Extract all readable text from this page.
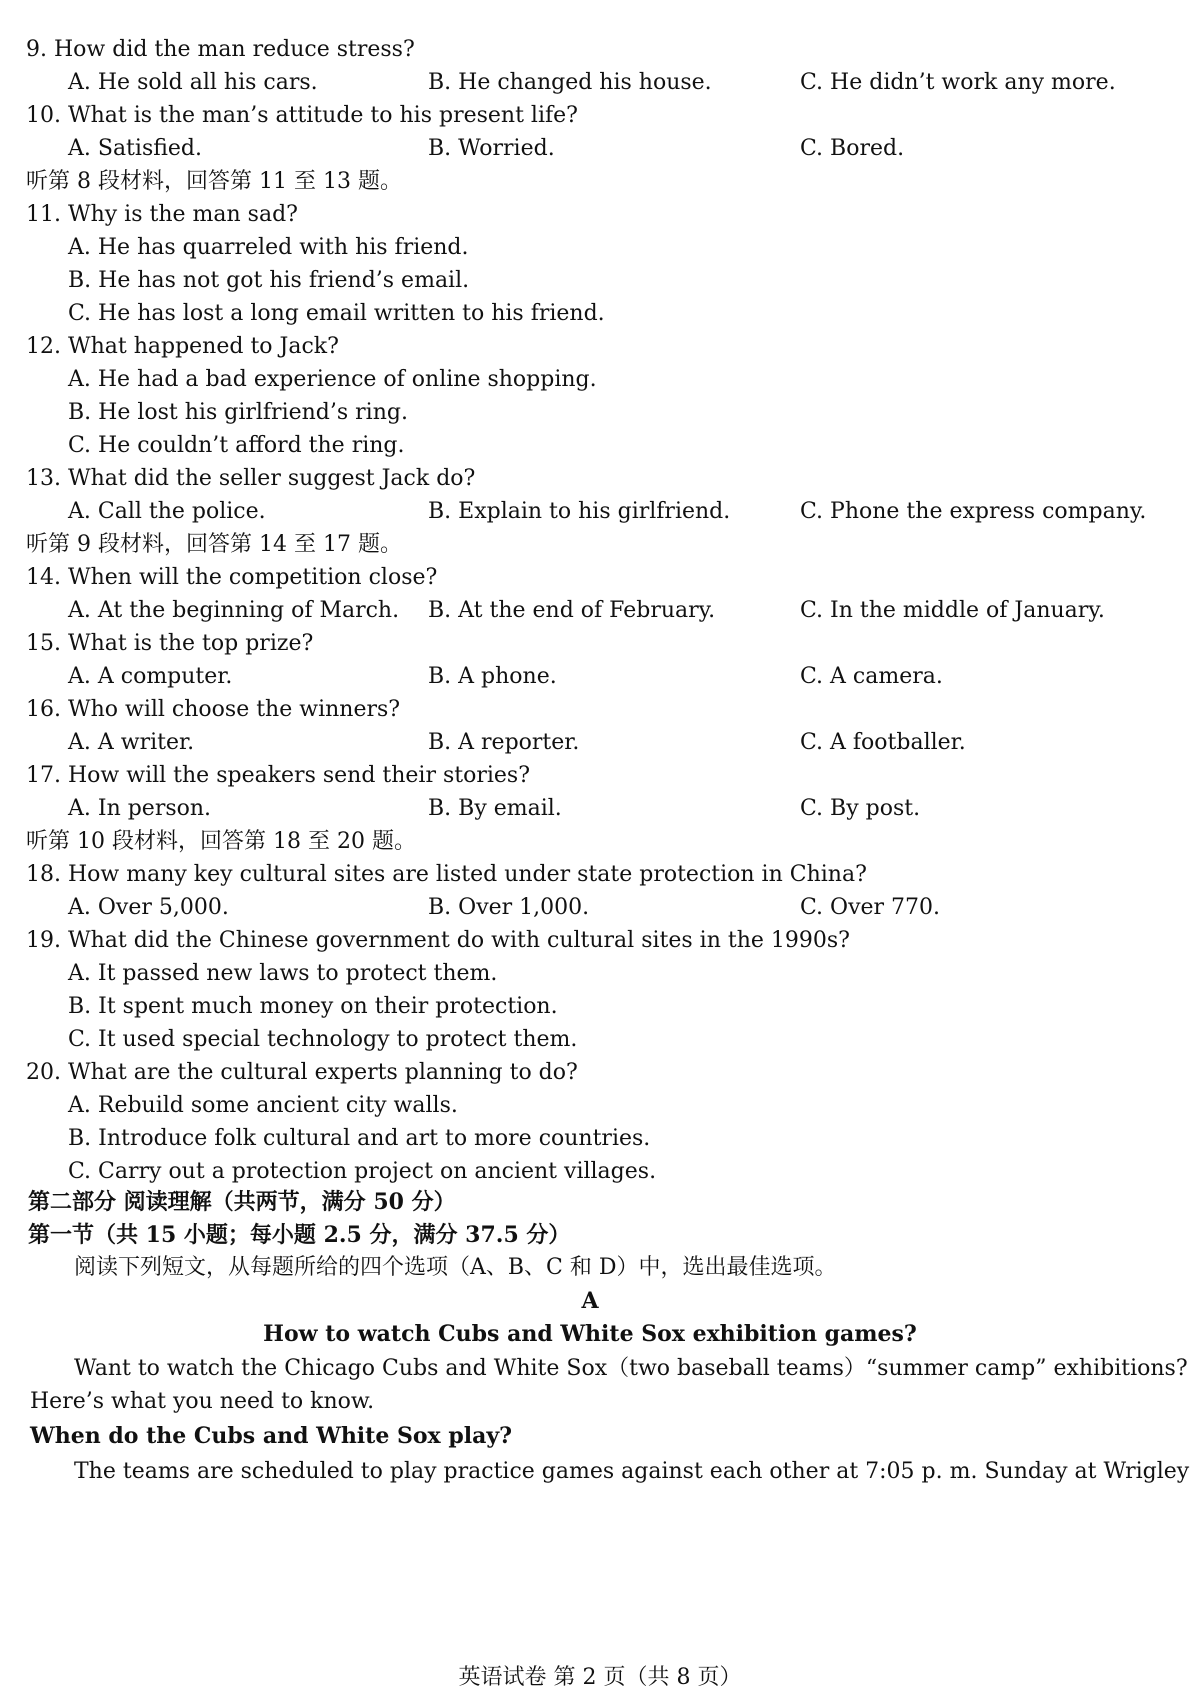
9. How did the man reduce stress?
A. He sold all his cars.	B. He changed his house.	C. He didn’t work any more.
10. What is the man’s attitude to his present life?
A. Satisfied.	B. Worried.	C. Bored.
听第 8 段材料，回答第 11 至 13 题。
11. Why is the man sad?
A. He has quarreled with his friend.
B. He has not got his friend’s email.
C. He has lost a long email written to his friend.
12. What happened to Jack?
A. He had a bad experience of online shopping.
B. He lost his girlfriend’s ring.
C. He couldn’t afford the ring.
13. What did the seller suggest Jack do?
A. Call the police.	B. Explain to his girlfriend.	C. Phone the express company.
听第 9 段材料，回答第 14 至 17 题。
14. When will the competition close?
A. At the beginning of March. B. At the end of February.	C. In the middle of January.
15. What is the top prize?
A. A computer.	B. A phone.	C. A camera.
16. Who will choose the winners?
A. A writer.	B. A reporter.	C. A footballer.
17. How will the speakers send their stories?
A. In person.	B. By email.	C. By post.
听第 10 段材料，回答第 18 至 20 题。
18. How many key cultural sites are listed under state protection in China?
A. Over 5,000.	B. Over 1,000.	C. Over 770.
19. What did the Chinese government do with cultural sites in the 1990s?
A. It passed new laws to protect them.
B. It spent much money on their protection.
C. It used special technology to protect them.
20. What are the cultural experts planning to do?
A. Rebuild some ancient city walls.
B. Introduce folk cultural and art to more countries.
C. Carry out a protection project on ancient villages.
第二部分 阅读理解（共两节，满分 50 分）
第一节（共 15 小题；每小题 2.5 分，满分 37.5 分）
阅读下列短文，从每题所给的四个选项（A、B、C 和 D）中，选出最佳选项。
A
How to watch Cubs and White Sox exhibition games?
Want to watch the Chicago Cubs and White Sox（two baseball teams）“summer camp” exhibitions?
Here’s what you need to know.
When do the Cubs and White Sox play?
The teams are scheduled to play practice games against each other at 7:05 p. m. Sunday at Wrigley
英语试卷 第 2 页（共 8 页）
